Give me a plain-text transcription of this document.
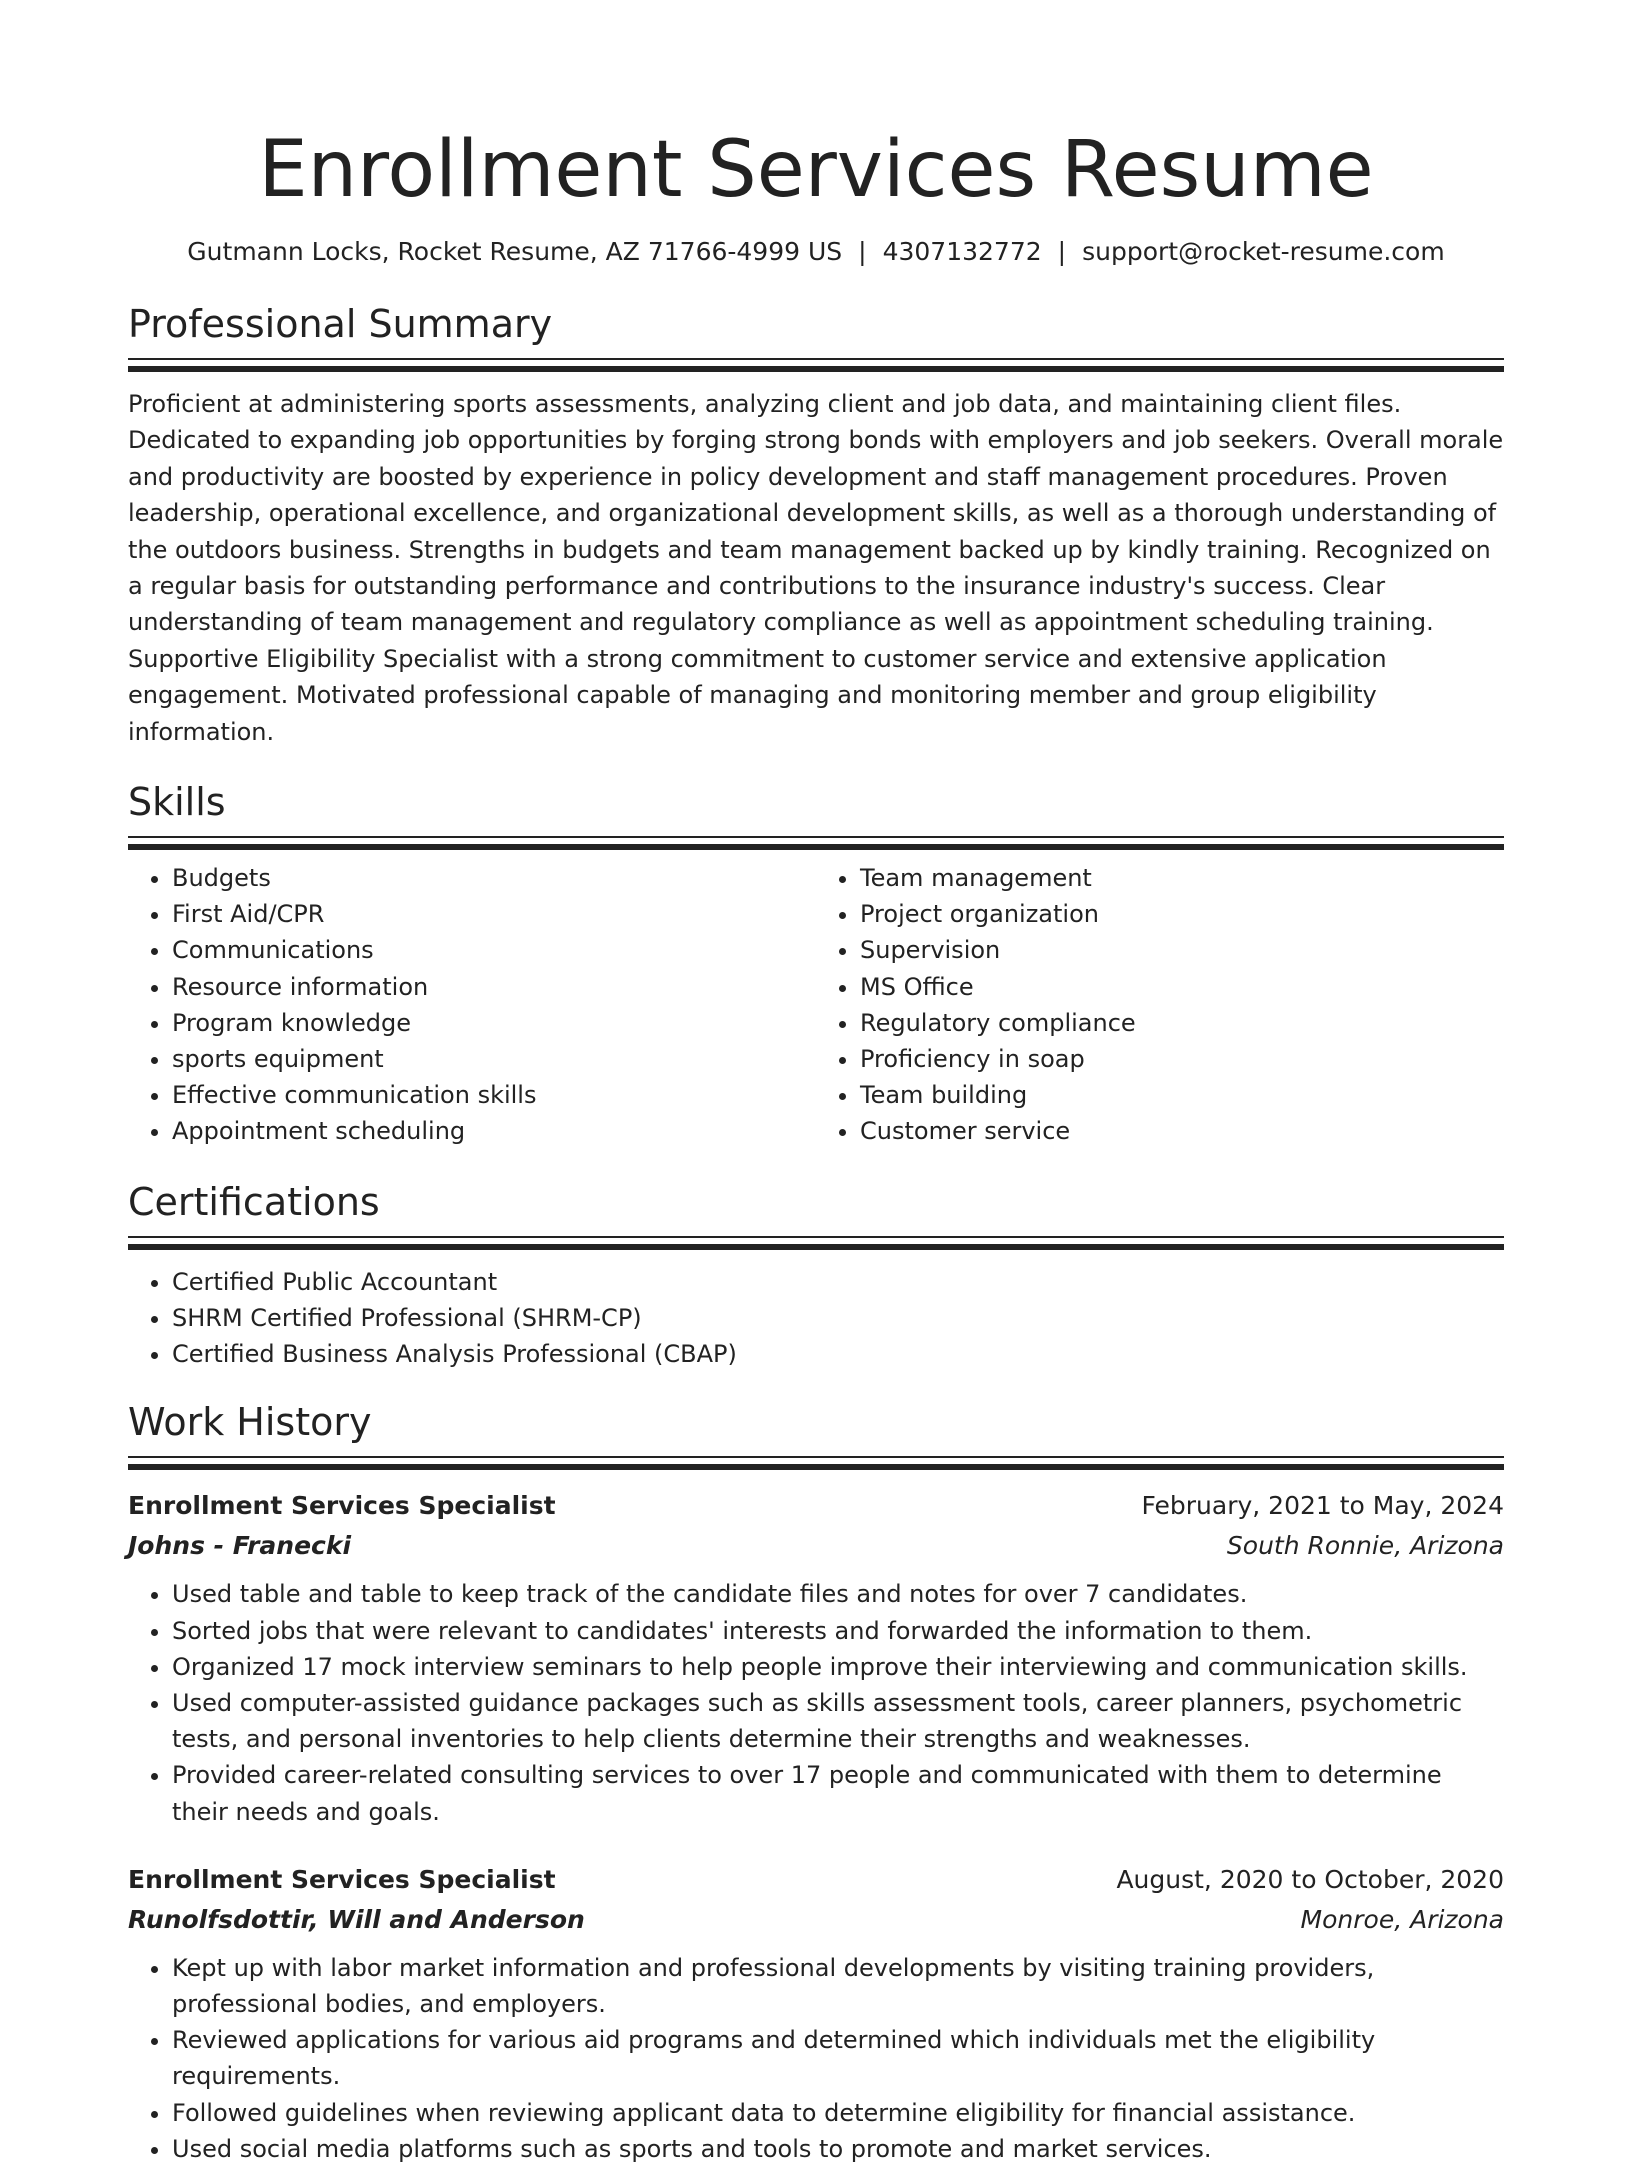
Enrollment Services Resume
Gutmann Locks, Rocket Resume, AZ 71766-4999 US | 4307132772 | support@rocket-resume.com
Professional Summary

Proficient at administering sports assessments, analyzing client and job data, and maintaining client files. Dedicated to expanding job opportunities by forging strong bonds with employers and job seekers. Overall morale and productivity are boosted by experience in policy development and staff management procedures. Proven leadership, operational excellence, and organizational development skills, as well as a thorough understanding of the outdoors business. Strengths in budgets and team management backed up by kindly training. Recognized on a regular basis for outstanding performance and contributions to the insurance industry's success. Clear understanding of team management and regulatory compliance as well as appointment scheduling training. Supportive Eligibility Specialist with a strong commitment to customer service and extensive application engagement. Motivated professional capable of managing and monitoring member and group eligibility information.

Skills
• Budgets
• First Aid/CPR
• Communications
• Resource information
• Program knowledge
• sports equipment
• Effective communication skills
• Appointment scheduling
• Team management
• Project organization
• Supervision
• MS Office
• Regulatory compliance
• Proficiency in soap
• Team building
• Customer service
Certifications
• Certified Public Accountant
• SHRM Certified Professional (SHRM-CP)
• Certified Business Analysis Professional (CBAP)
Work History
Enrollment Services Specialist	February, 2021 to May, 2024
Johns - Franecki	South Ronnie, Arizona
• Used table and table to keep track of the candidate files and notes for over 7 candidates.
• Sorted jobs that were relevant to candidates' interests and forwarded the information to them.
• Organized 17 mock interview seminars to help people improve their interviewing and communication skills.
• Used computer-assisted guidance packages such as skills assessment tools, career planners, psychometric tests, and personal inventories to help clients determine their strengths and weaknesses.
• Provided career-related consulting services to over 17 people and communicated with them to determine their needs and goals.
Enrollment Services Specialist	August, 2020 to October, 2020
Runolfsdottir, Will and Anderson	Monroe, Arizona
• Kept up with labor market information and professional developments by visiting training providers, professional bodies, and employers.
• Reviewed applications for various aid programs and determined which individuals met the eligibility requirements.
• Followed guidelines when reviewing applicant data to determine eligibility for financial assistance.
• Used social media platforms such as sports and tools to promote and market services.
